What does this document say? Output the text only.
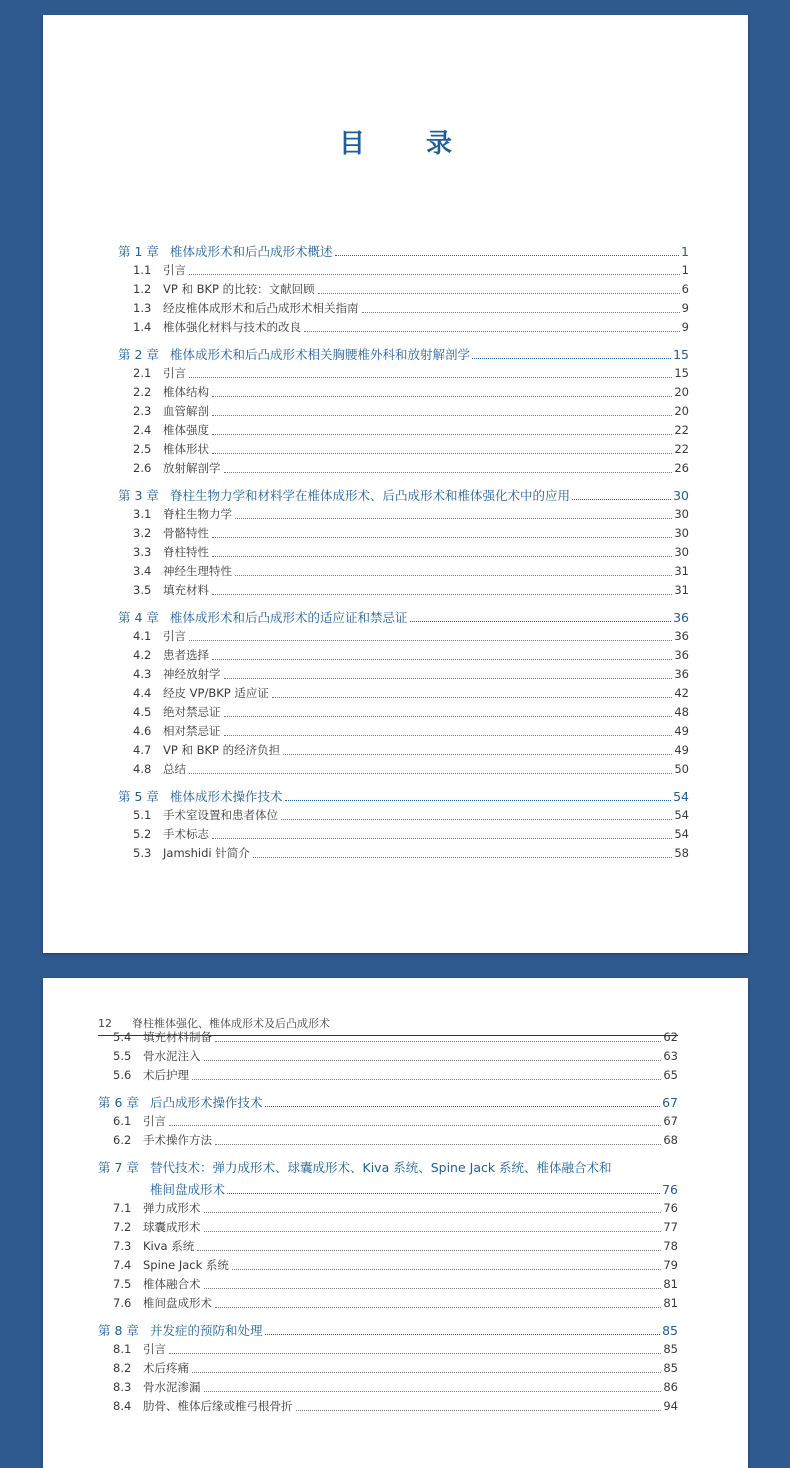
目 录
第 1 章 椎体成形术和后凸成形术概述	1
1.1	引言	1
1.2	VP 和 BKP 的比较：文献回顾	6
1.3	经皮椎体成形术和后凸成形术相关指南	9
1.4	椎体强化材料与技术的改良	9
第 2 章 椎体成形术和后凸成形术相关胸腰椎外科和放射解剖学	15
2.1	引言	15
2.2	椎体结构	20
2.3	血管解剖	20
2.4	椎体强度	22
2.5	椎体形状	22
2.6	放射解剖学	26
第 3 章 脊柱生物力学和材料学在椎体成形术、后凸成形术和椎体强化术中的应用	30
3.1	脊柱生物力学	30
3.2	骨骼特性	30
3.3	脊柱特性	30
3.4	神经生理特性	31
3.5	填充材料	31
第 4 章 椎体成形术和后凸成形术的适应证和禁忌证	36
4.1	引言	36
4.2	患者选择	36
4.3	神经放射学	36
4.4	经皮 VP/BKP 适应证	42
4.5	绝对禁忌证	48
4.6	相对禁忌证	49
4.7	VP 和 BKP 的经济负担	49
4.8	总结	50
第 5 章 椎体成形术操作技术	54
5.1	手术室设置和患者体位	54
5.2	手术标志	54
5.3	Jamshidi 针简介	58
12 脊柱椎体强化、椎体成形术及后凸成形术
5.4	填充材料制备	62
5.5	骨水泥注入	63
5.6	术后护理	65
第 6 章 后凸成形术操作技术	67
6.1	引言	67
6.2	手术操作方法	68
第 7 章 替代技术：弹力成形术、球囊成形术、Kiva 系统、Spine Jack 系统、椎体融合术和
椎间盘成形术	76
7.1	弹力成形术	76
7.2	球囊成形术	77
7.3	Kiva 系统	78
7.4	Spine Jack 系统	79
7.5	椎体融合术	81
7.6	椎间盘成形术	81
第 8 章 并发症的预防和处理	85
8.1	引言	85
8.2	术后疼痛	85
8.3	骨水泥渗漏	86
8.4	肋骨、椎体后缘或椎弓根骨折	94
